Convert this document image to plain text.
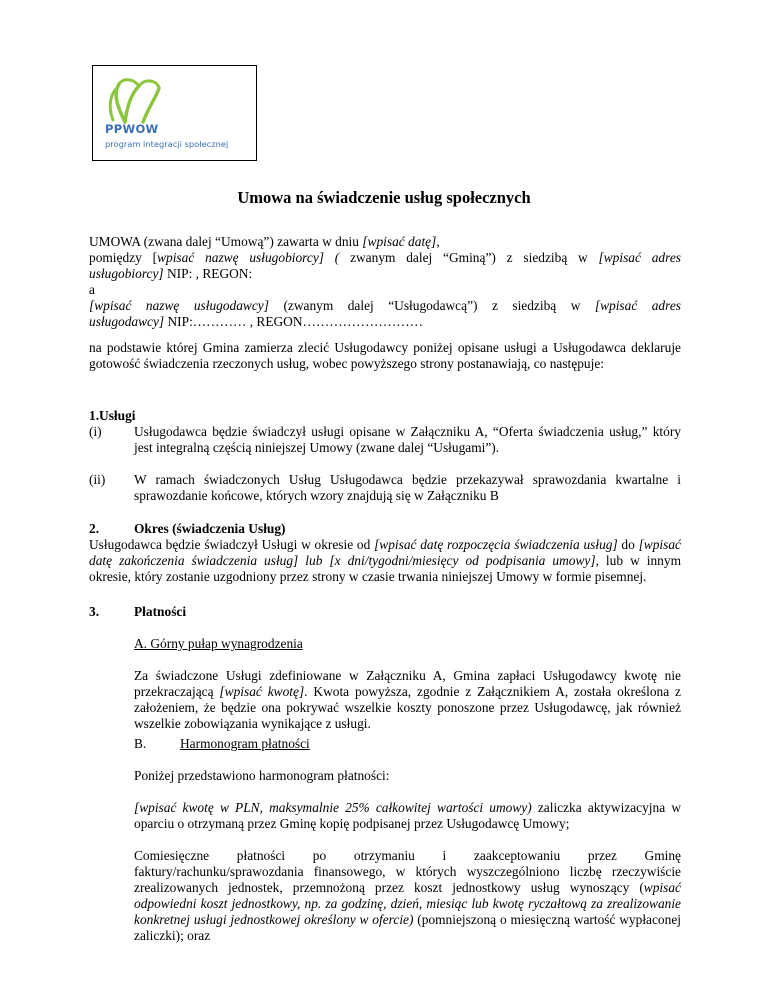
PPWOW
program integracji społecznej
Umowa na świadczenie usług społecznych

UMOWA (zwana dalej “Umową”) zawarta w dniu [wpisać datę],

pomiędzy [wpisać nazwę usługobiorcy] ( zwanym dalej “Gminą”) z siedzibą w [wpisać adres

usługobiorcy] NIP: , REGON:

a

[wpisać nazwę usługodawcy] (zwanym dalej “Usługodawcą”) z siedzibą w [wpisać adres

usługodawcy] NIP:………… , REGON………………………

na podstawie której Gmina zamierza zlecić Usługodawcy poniżej opisane usługi a Usługodawca deklaruje gotowość świadczenia rzeczonych usług, wobec powyższego strony postanawiają, co następuje:
1.Usługi
(i) Usługodawca będzie świadczył usługi opisane w Załączniku A, “Oferta świadczenia usług,” który jest integralną częścią niniejszej Umowy (zwane dalej “Usługami”).
(ii) W ramach świadczonych Usług Usługodawca będzie przekazywał sprawozdania kwartalne i sprawozdanie końcowe, których wzory znajdują się w Załączniku B
2.	Okres (świadczenia Usług)
Usługodawca będzie świadczył Usługi w okresie od [wpisać datę rozpoczęcia świadczenia usług] do [wpisać datę zakończenia świadczenia usług] lub [x dni/tygodni/miesięcy od podpisania umowy], lub w innym okresie, który zostanie uzgodniony przez strony w czasie trwania niniejszej Umowy w formie pisemnej.
3.	Płatności
A. Górny pułap wynagrodzenia
Za świadczone Usługi zdefiniowane w Załączniku A, Gmina zapłaci Usługodawcy kwotę nie przekraczającą [wpisać kwotę]. Kwota powyższa, zgodnie z Załącznikiem A, została określona z założeniem, że będzie ona pokrywać wszelkie koszty ponoszone przez Usługodawcę, jak również wszelkie zobowiązania wynikające z usługi.
B.	Harmonogram płatności
Poniżej przedstawiono harmonogram płatności:
[wpisać kwotę w PLN, maksymalnie 25% całkowitej wartości umowy) zaliczka aktywizacyjna w oparciu o otrzymaną przez Gminę kopię podpisanej przez Usługodawcę Umowy;
Comiesięczne płatności po otrzymaniu i zaakceptowaniu przez Gminę faktury/rachunku/sprawozdania finansowego, w których wyszczególniono liczbę rzeczywiście zrealizowanych jednostek, przemnożoną przez koszt jednostkowy usług wynoszący (wpisać odpowiedni koszt jednostkowy, np. za godzinę, dzień, miesiąc lub kwotę ryczałtową za zrealizowanie konkretnej usługi jednostkowej określony w ofercie) (pomniejszoną o miesięczną wartość wypłaconej zaliczki); oraz
